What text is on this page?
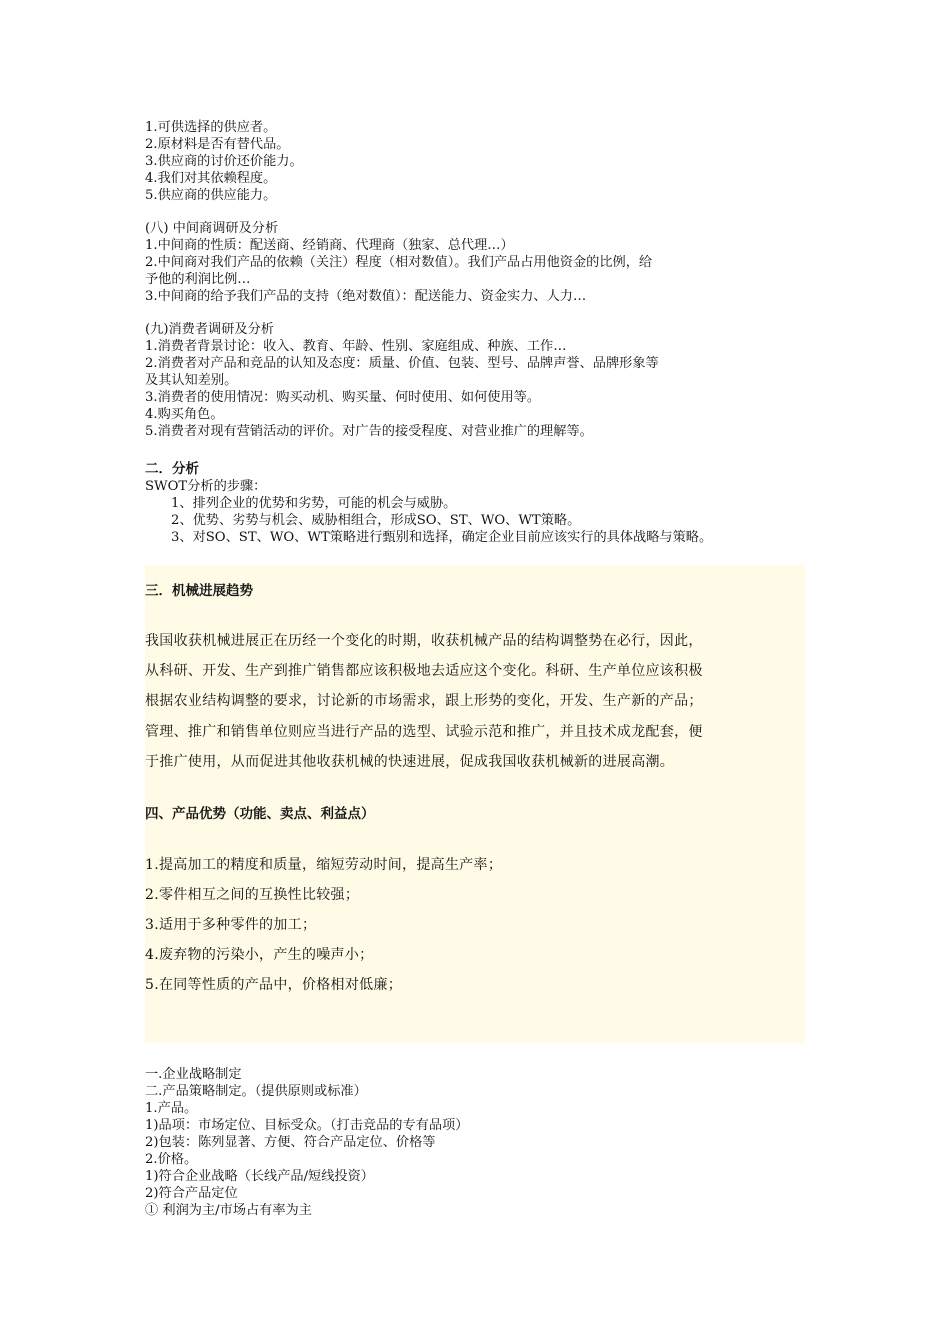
1.可供选择的供应者。
2.原材料是否有替代品。
3.供应商的讨价还价能力。
4.我们对其依赖程度。
5.供应商的供应能力。
(八) 中间商调研及分析
1.中间商的性质：配送商、经销商、代理商（独家、总代理…）
2.中间商对我们产品的依赖（关注）程度（相对数值）。我们产品占用他资金的比例，给
予他的利润比例…
3.中间商的给予我们产品的支持（绝对数值）：配送能力、资金实力、人力…
(九)消费者调研及分析
1.消费者背景讨论：收入、教育、年龄、性别、家庭组成、种族、工作…
2.消费者对产品和竞品的认知及态度：质量、价值、包装、型号、品牌声誉、品牌形象等
及其认知差别。
3.消费者的使用情况：购买动机、购买量、何时使用、如何使用等。
4.购买角色。
5.消费者对现有营销活动的评价。对广告的接受程度、对营业推广的理解等。
二．分析
SWOT分析的步骤：
1、排列企业的优势和劣势，可能的机会与威胁。
2、优势、劣势与机会、威胁相组合，形成SO、ST、WO、WT策略。
3、对SO、ST、WO、WT策略进行甄别和选择，确定企业目前应该实行的具体战略与策略。
一.企业战略制定
二.产品策略制定。（提供原则或标准）
1.产品。
1)品项：市场定位、目标受众。（打击竞品的专有品项）
2)包装：陈列显著、方便、符合产品定位、价格等
2.价格。
1)符合企业战略（长线产品/短线投资）
2)符合产品定位
① 利润为主/市场占有率为主
三．机械进展趋势
我国收获机械进展正在历经一个变化的时期，收获机械产品的结构调整势在必行，因此，
从科研、开发、生产到推广销售都应该积极地去适应这个变化。科研、生产单位应该积极
根据农业结构调整的要求，讨论新的市场需求，跟上形势的变化，开发、生产新的产品；
管理、推广和销售单位则应当进行产品的选型、试验示范和推广，并且技术成龙配套，便
于推广使用，从而促进其他收获机械的快速进展，促成我国收获机械新的进展高潮。
四、产品优势（功能、卖点、利益点）
1.提高加工的精度和质量，缩短劳动时间，提高生产率；
2.零件相互之间的互换性比较强；
3.适用于多种零件的加工；
4.废弃物的污染小，产生的噪声小；
5.在同等性质的产品中，价格相对低廉；
